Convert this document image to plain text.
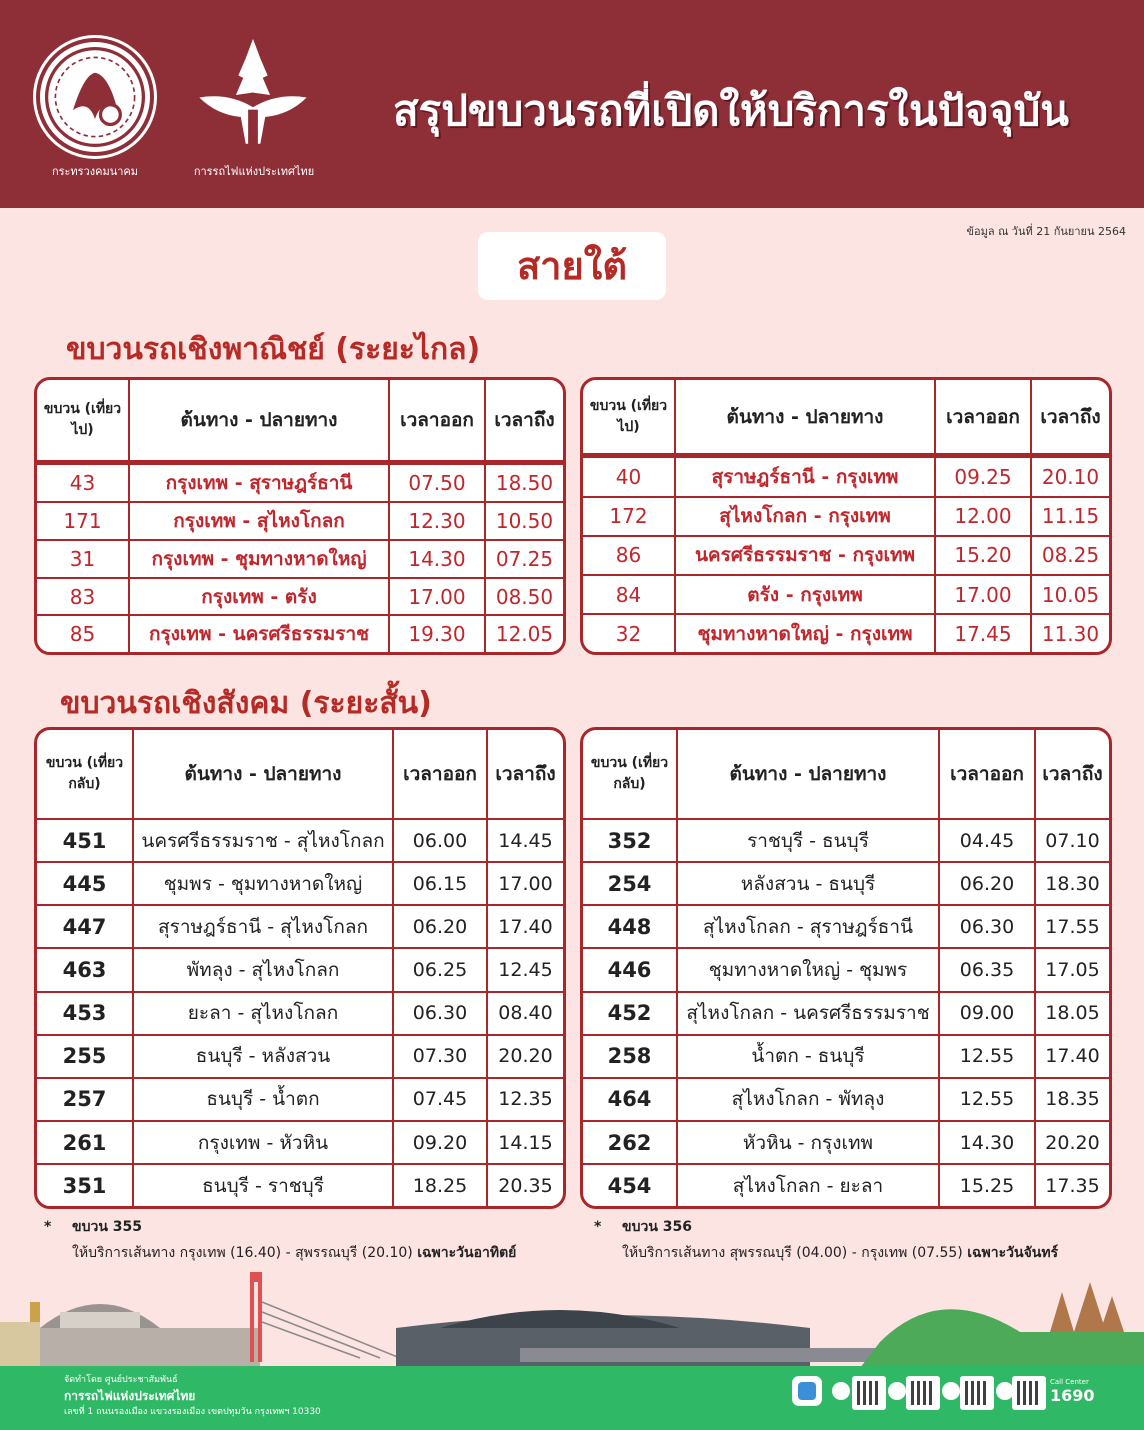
กระทรวงคมนาคม	การรถไฟแห่งประเทศไทย
สรุปขบวนรถที่เปิดให้บริการในปัจจุบัน
ข้อมูล ณ วันที่ 21 กันยายน 2564
สายใต้
ขบวนรถเชิงพาณิชย์ (ระยะไกล)
ขบวน (เที่ยวไป)	ต้นทาง - ปลายทาง	เวลาออก	เวลาถึง
43	กรุงเทพ - สุราษฎร์ธานี	07.50	18.50
171	กรุงเทพ - สุไหงโกลก	12.30	10.50
31	กรุงเทพ - ชุมทางหาดใหญ่	14.30	07.25
83	กรุงเทพ - ตรัง	17.00	08.50
85	กรุงเทพ - นครศรีธรรมราช	19.30	12.05
ขบวน (เที่ยวไป)	ต้นทาง - ปลายทาง	เวลาออก	เวลาถึง
40	สุราษฎร์ธานี - กรุงเทพ	09.25	20.10
172	สุไหงโกลก - กรุงเทพ	12.00	11.15
86	นครศรีธรรมราช - กรุงเทพ	15.20	08.25
84	ตรัง - กรุงเทพ	17.00	10.05
32	ชุมทางหาดใหญ่ - กรุงเทพ	17.45	11.30
ขบวนรถเชิงสังคม (ระยะสั้น)
ขบวน (เที่ยวกลับ)	ต้นทาง - ปลายทาง	เวลาออก	เวลาถึง
451	นครศรีธรรมราช - สุไหงโกลก	06.00	14.45
445	ชุมพร - ชุมทางหาดใหญ่	06.15	17.00
447	สุราษฎร์ธานี - สุไหงโกลก	06.20	17.40
463	พัทลุง - สุไหงโกลก	06.25	12.45
453	ยะลา - สุไหงโกลก	06.30	08.40
255	ธนบุรี - หลังสวน	07.30	20.20
257	ธนบุรี - น้ำตก	07.45	12.35
261	กรุงเทพ - หัวหิน	09.20	14.15
351	ธนบุรี - ราชบุรี	18.25	20.35
ขบวน (เที่ยวกลับ)	ต้นทาง - ปลายทาง	เวลาออก	เวลาถึง
352	ราชบุรี - ธนบุรี	04.45	07.10
254	หลังสวน - ธนบุรี	06.20	18.30
448	สุไหงโกลก - สุราษฎร์ธานี	06.30	17.55
446	ชุมทางหาดใหญ่ - ชุมพร	06.35	17.05
452	สุไหงโกลก - นครศรีธรรมราช	09.00	18.05
258	น้ำตก - ธนบุรี	12.55	17.40
464	สุไหงโกลก - พัทลุง	12.55	18.35
262	หัวหิน - กรุงเทพ	14.30	20.20
454	สุไหงโกลก - ยะลา	15.25	17.35
* ขบวน 355
ให้บริการเส้นทาง กรุงเทพ (16.40) - สุพรรณบุรี (20.10) เฉพาะวันอาทิตย์
* ขบวน 356
ให้บริการเส้นทาง สุพรรณบุรี (04.00) - กรุงเทพ (07.55) เฉพาะวันจันทร์
จัดทำโดย ศูนย์ประชาสัมพันธ์
การรถไฟแห่งประเทศไทย
เลขที่ 1 ถนนรองเมือง แขวงรองเมือง เขตปทุมวัน กรุงเทพฯ 10330
Call Center
1690
